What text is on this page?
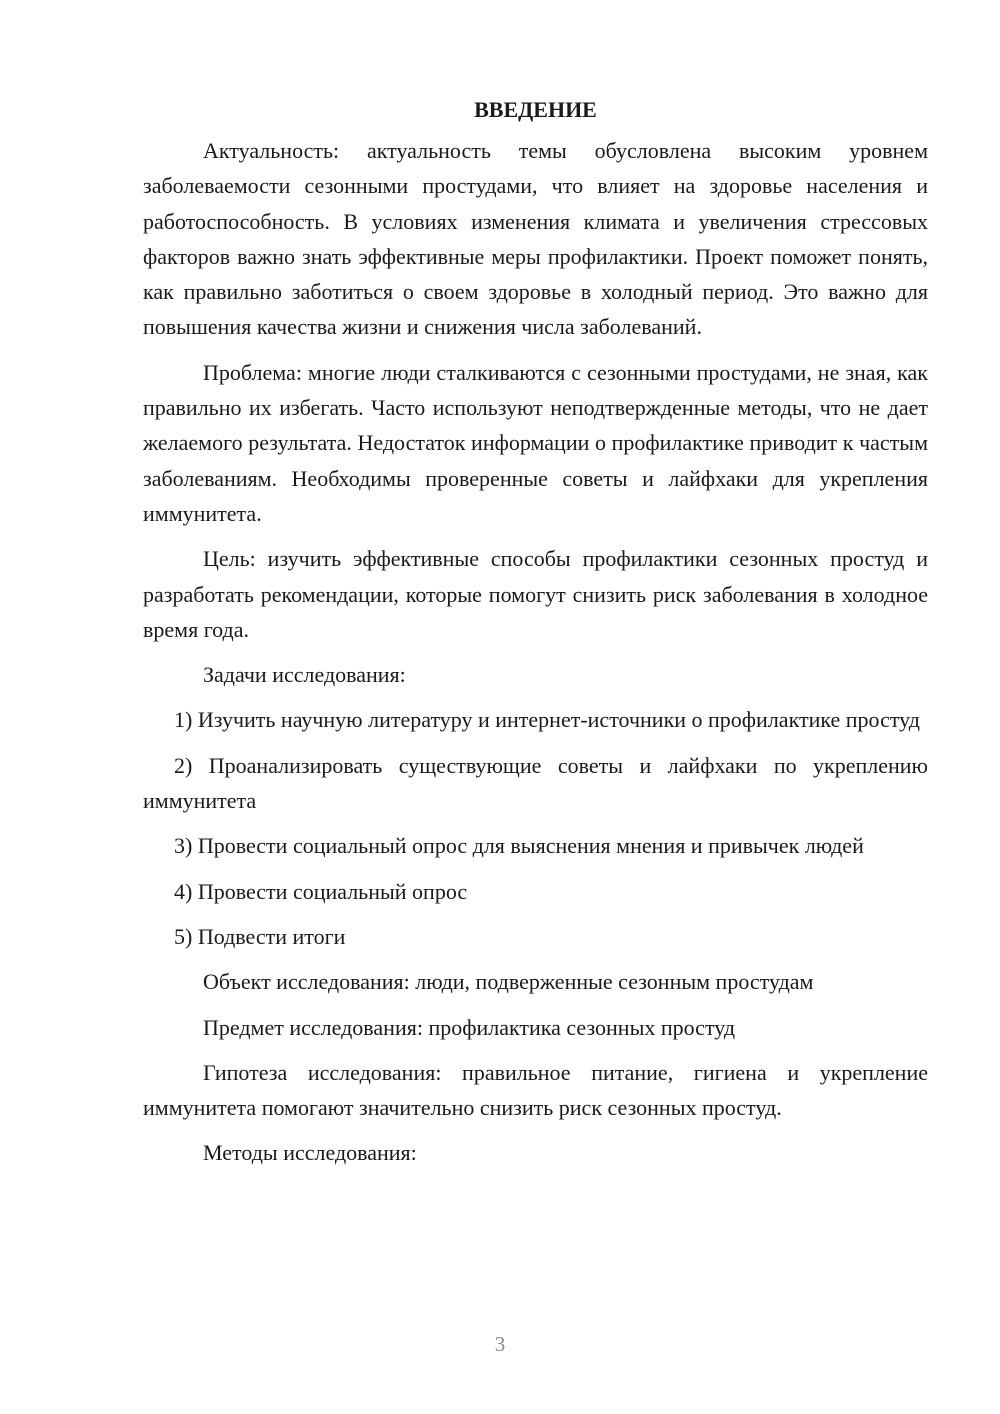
ВВЕДЕНИЕ

Актуальность: актуальность темы обусловлена высоким уровнем заболеваемости сезонными простудами, что влияет на здоровье населения и работоспособность. В условиях изменения климата и увеличения стрессовых факторов важно знать эффективные меры профилактики. Проект поможет понять, как правильно заботиться о своем здоровье в холодный период. Это важно для повышения качества жизни и снижения числа заболеваний.

Проблема: многие люди сталкиваются с сезонными простудами, не зная, как правильно их избегать. Часто используют неподтвержденные методы, что не дает желаемого результата. Недостаток информации о профилактике приводит к частым заболеваниям. Необходимы проверенные советы и лайфхаки для укрепления иммунитета.

Цель: изучить эффективные способы профилактики сезонных простуд и разработать рекомендации, которые помогут снизить риск заболевания в холодное время года.

Задачи исследования:

1) Изучить научную литературу и интернет-источники о профилактике простуд

2) Проанализировать существующие советы и лайфхаки по укреплению иммунитета

3) Провести социальный опрос для выяснения мнения и привычек людей

4) Провести социальный опрос

5) Подвести итоги

Объект исследования: люди, подверженные сезонным простудам

Предмет исследования: профилактика сезонных простуд

Гипотеза исследования: правильное питание, гигиена и укрепление иммунитета помогают значительно снизить риск сезонных простуд.

Методы исследования:

3
